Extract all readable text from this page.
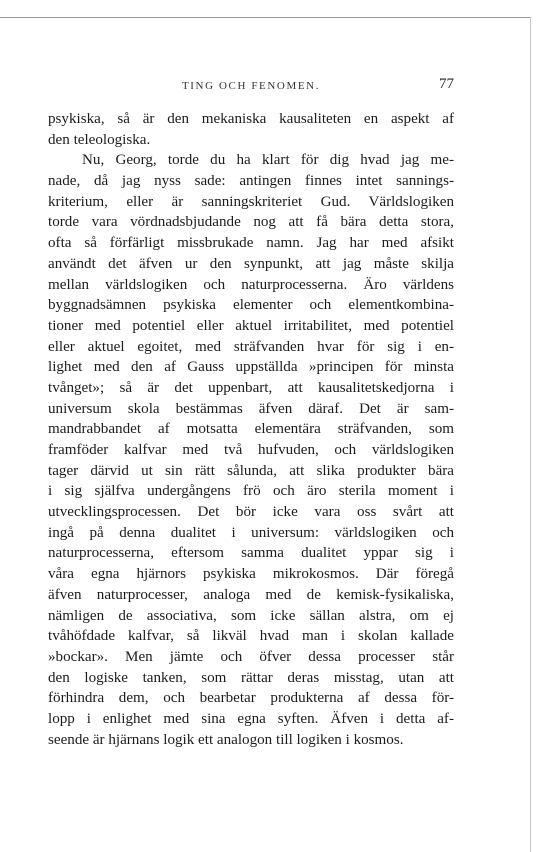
TING OCH FENOMEN.	77
psykiska, så är den mekaniska kausaliteten en aspekt af
den teleologiska.
Nu, Georg, torde du ha klart för dig hvad jag me-
nade, då jag nyss sade: antingen finnes intet sannings-
kriterium, eller är sanningskriteriet Gud. Världslogiken
torde vara vördnadsbjudande nog att få bära detta stora,
ofta så förfärligt missbrukade namn. Jag har med afsikt
användt det äfven ur den synpunkt, att jag måste skilja
mellan världslogiken och naturprocesserna. Äro världens
byggnadsämnen psykiska elementer och elementkombina-
tioner med potentiel eller aktuel irritabilitet, med potentiel
eller aktuel egoitet, med sträfvanden hvar för sig i en-
lighet med den af Gauss uppställda »principen för minsta
tvånget»; så är det uppenbart, att kausalitetskedjorna i
universum skola bestämmas äfven däraf. Det är sam-
mandrabbandet af motsatta elementära sträfvanden, som
framföder kalfvar med två hufvuden, och världslogiken
tager därvid ut sin rätt sålunda, att slika produkter bära
i sig själfva undergångens frö och äro sterila moment i
utvecklingsprocessen. Det bör icke vara oss svårt att
ingå på denna dualitet i universum: världslogiken och
naturprocesserna, eftersom samma dualitet yppar sig i
våra egna hjärnors psykiska mikrokosmos. Där föregå
äfven naturprocesser, analoga med de kemisk-fysikaliska,
nämligen de associativa, som icke sällan alstra, om ej
tvåhöfdade kalfvar, så likväl hvad man i skolan kallade
»bockar». Men jämte och öfver dessa processer står
den logiske tanken, som rättar deras misstag, utan att
förhindra dem, och bearbetar produkterna af dessa för-
lopp i enlighet med sina egna syften. Äfven i detta af-
seende är hjärnans logik ett analogon till logiken i kosmos.
